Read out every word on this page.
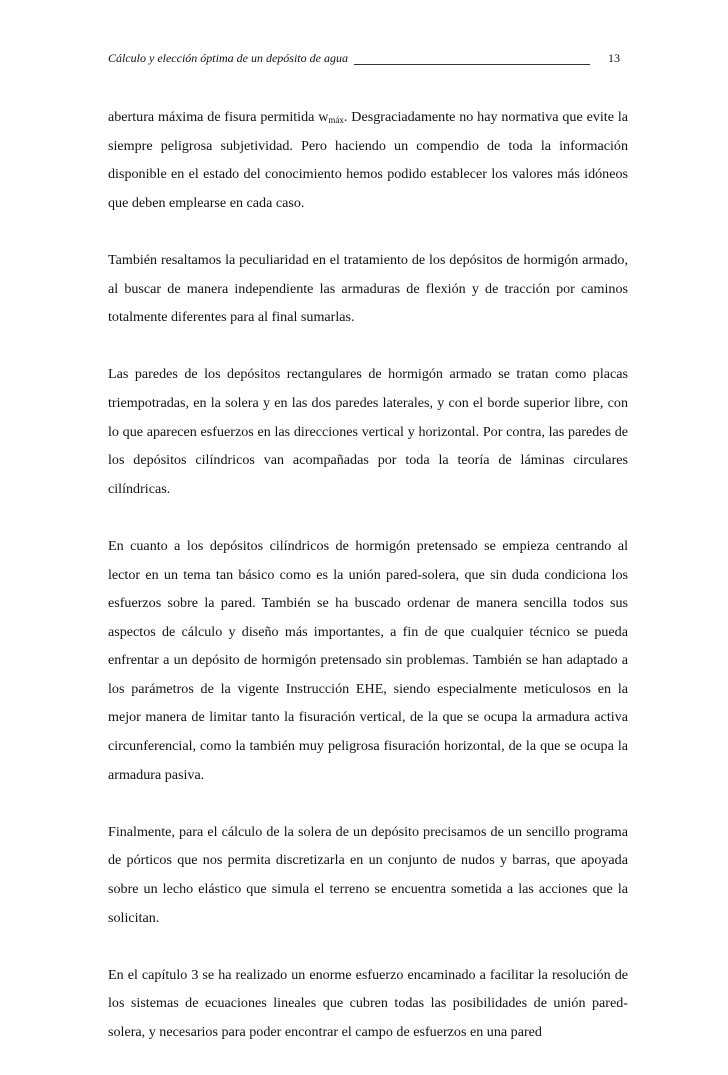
Cálculo y elección óptima de un depósito de agua	13

abertura máxima de fisura permitida $w_{máx}$. Desgraciadamente no hay normativa que evite la siempre peligrosa subjetividad. Pero haciendo un compendio de toda la información disponible en el estado del conocimiento hemos podido establecer los valores más idóneos que deben emplearse en cada caso.

También resaltamos la peculiaridad en el tratamiento de los depósitos de hormigón armado, al buscar de manera independiente las armaduras de flexión y de tracción por caminos totalmente diferentes para al final sumarlas.

Las paredes de los depósitos rectangulares de hormigón armado se tratan como placas triempotradas, en la solera y en las dos paredes laterales, y con el borde superior libre, con lo que aparecen esfuerzos en las direcciones vertical y horizontal. Por contra, las paredes de los depósitos cilíndricos van acompañadas por toda la teoría de láminas circulares cilíndricas.

En cuanto a los depósitos cilíndricos de hormigón pretensado se empieza centrando al lector en un tema tan básico como es la unión pared-solera, que sin duda condiciona los esfuerzos sobre la pared. También se ha buscado ordenar de manera sencilla todos sus aspectos de cálculo y diseño más importantes, a fin de que cualquier técnico se pueda enfrentar a un depósito de hormigón pretensado sin problemas. También se han adaptado a los parámetros de la vigente Instrucción EHE, siendo especialmente meticulosos en la mejor manera de limitar tanto la fisuración vertical, de la que se ocupa la armadura activa circunferencial, como la también muy peligrosa fisuración horizontal, de la que se ocupa la armadura pasiva.

Finalmente, para el cálculo de la solera de un depósito precisamos de un sencillo programa de pórticos que nos permita discretizarla en un conjunto de nudos y barras, que apoyada sobre un lecho elástico que simula el terreno se encuentra sometida a las acciones que la solicitan.

En el capítulo 3 se ha realizado un enorme esfuerzo encaminado a facilitar la resolución de los sistemas de ecuaciones lineales que cubren todas las posibilidades de unión pared-solera, y necesarios para poder encontrar el campo de esfuerzos en una pared
